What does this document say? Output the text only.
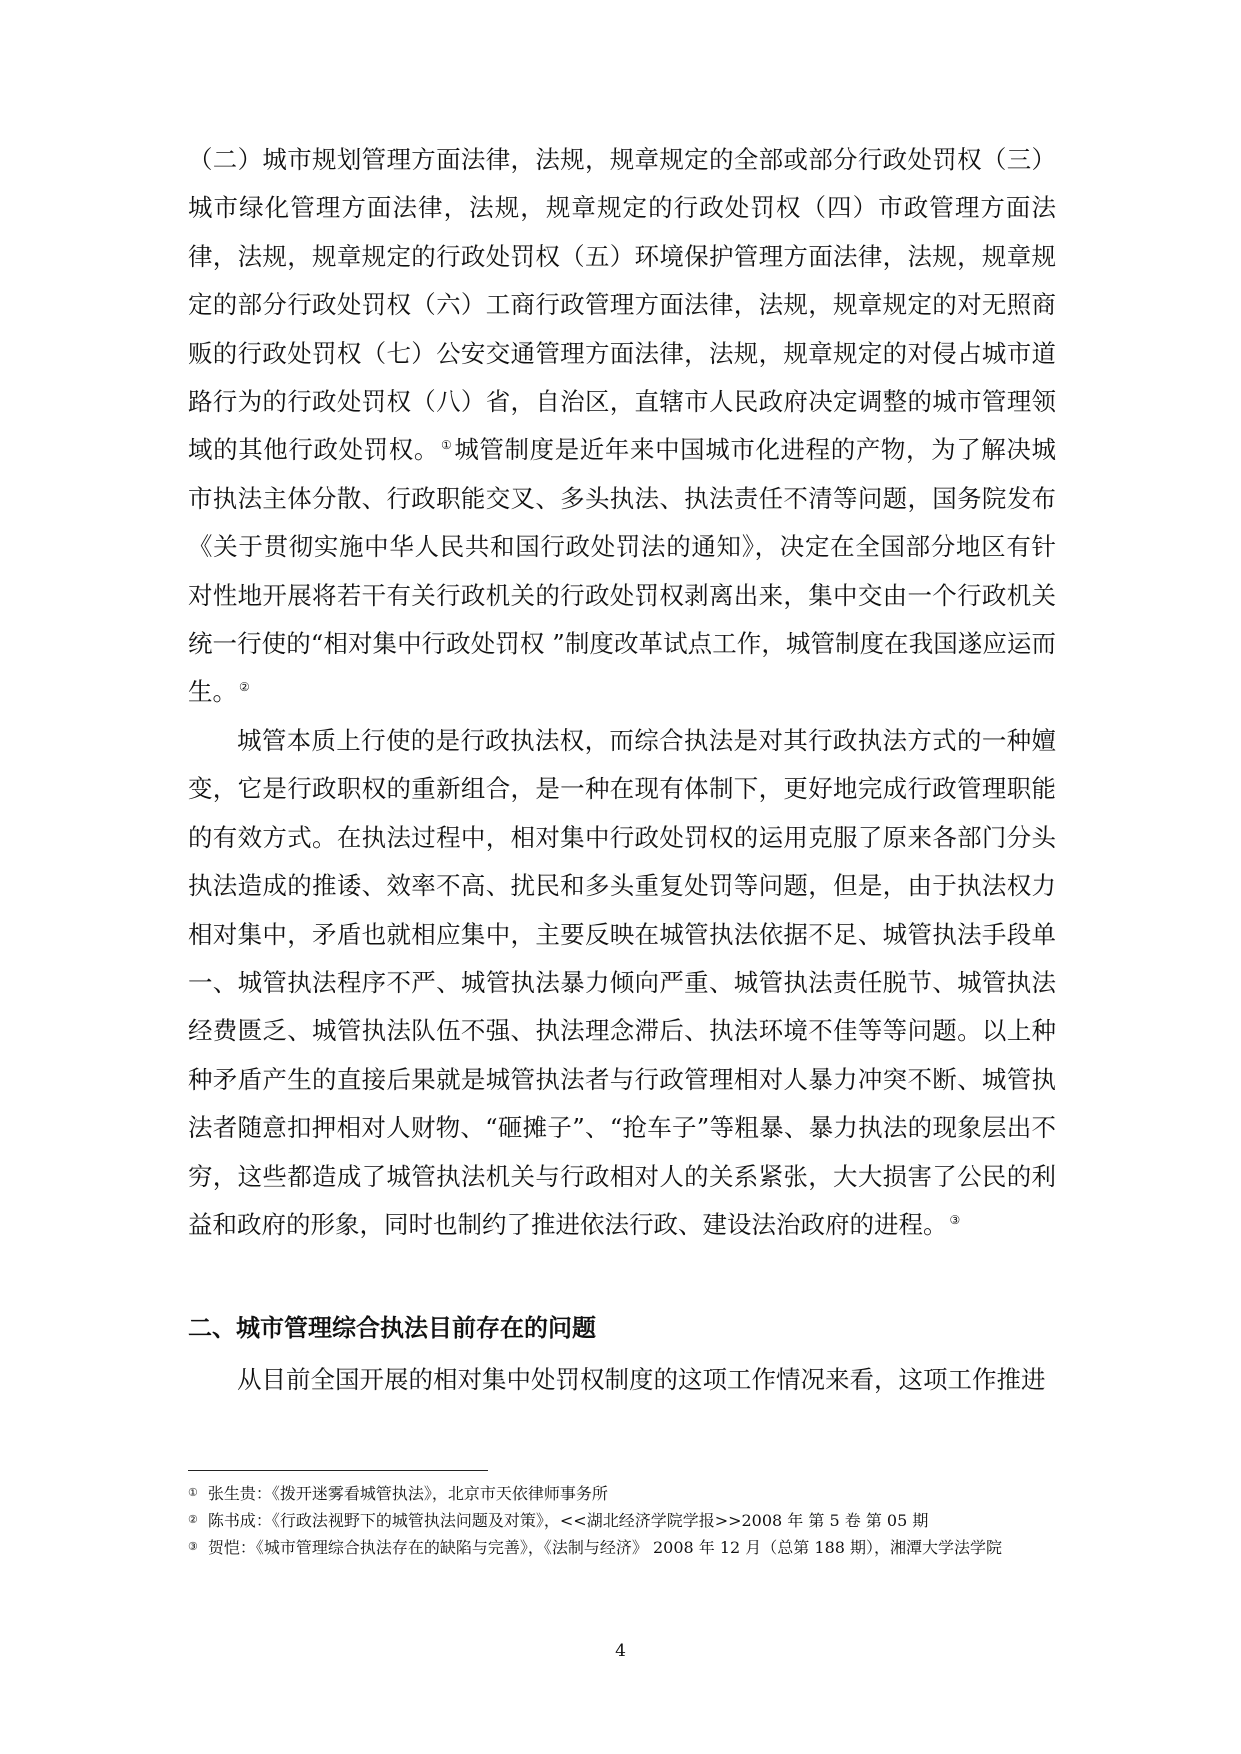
（二）城市规划管理方面法律，法规，规章规定的全部或部分行政处罚权（三）城市绿化管理方面法律，法规，规章规定的行政处罚权（四）市政管理方面法律，法规，规章规定的行政处罚权（五）环境保护管理方面法律，法规，规章规定的部分行政处罚权（六）工商行政管理方面法律，法规，规章规定的对无照商贩的行政处罚权（七）公安交通管理方面法律，法规，规章规定的对侵占城市道路行为的行政处罚权（八）省，自治区，直辖市人民政府决定调整的城市管理领域的其他行政处罚权。 ①城管制度是近年来中国城市化进程的产物，为了解决城市执法主体分散、行政职能交叉、多头执法、执法责任不清等问题，国务院发布《关于贯彻实施中华人民共和国行政处罚法的通知》，决定在全国部分地区有针对性地开展将若干有关行政机关的行政处罚权剥离出来，集中交由一个行政机关统一行使的“相对集中行政处罚权 ”制度改革试点工作，城管制度在我国遂应运而生。 ②

城管本质上行使的是行政执法权，而综合执法是对其行政执法方式的一种嬗变，它是行政职权的重新组合，是一种在现有体制下，更好地完成行政管理职能的有效方式。在执法过程中，相对集中行政处罚权的运用克服了原来各部门分头执法造成的推诿、效率不高、扰民和多头重复处罚等问题，但是，由于执法权力相对集中，矛盾也就相应集中，主要反映在城管执法依据不足、城管执法手段单一、城管执法程序不严、城管执法暴力倾向严重、城管执法责任脱节、城管执法经费匮乏、城管执法队伍不强、执法理念滞后、执法环境不佳等等问题。以上种种矛盾产生的直接后果就是城管执法者与行政管理相对人暴力冲突不断、城管执法者随意扣押相对人财物、“砸摊子”、“抢车子”等粗暴、暴力执法的现象层出不穷，这些都造成了城管执法机关与行政相对人的关系紧张，大大损害了公民的利益和政府的形象，同时也制约了推进依法行政、建设法治政府的进程。 ③

二、城市管理综合执法目前存在的问题
从目前全国开展的相对集中处罚权制度的这项工作情况来看，这项工作推进

① 张生贵：《拨开迷雾看城管执法》，北京市天依律师事务所

② 陈书成：《行政法视野下的城管执法问题及对策》，<<湖北经济学院学报>>2008 年 第 5 卷 第 05 期

③ 贺恺：《城市管理综合执法存在的缺陷与完善》，《法制与经济》 2008 年 12 月（总第 188 期），湘潭大学法学院

4
